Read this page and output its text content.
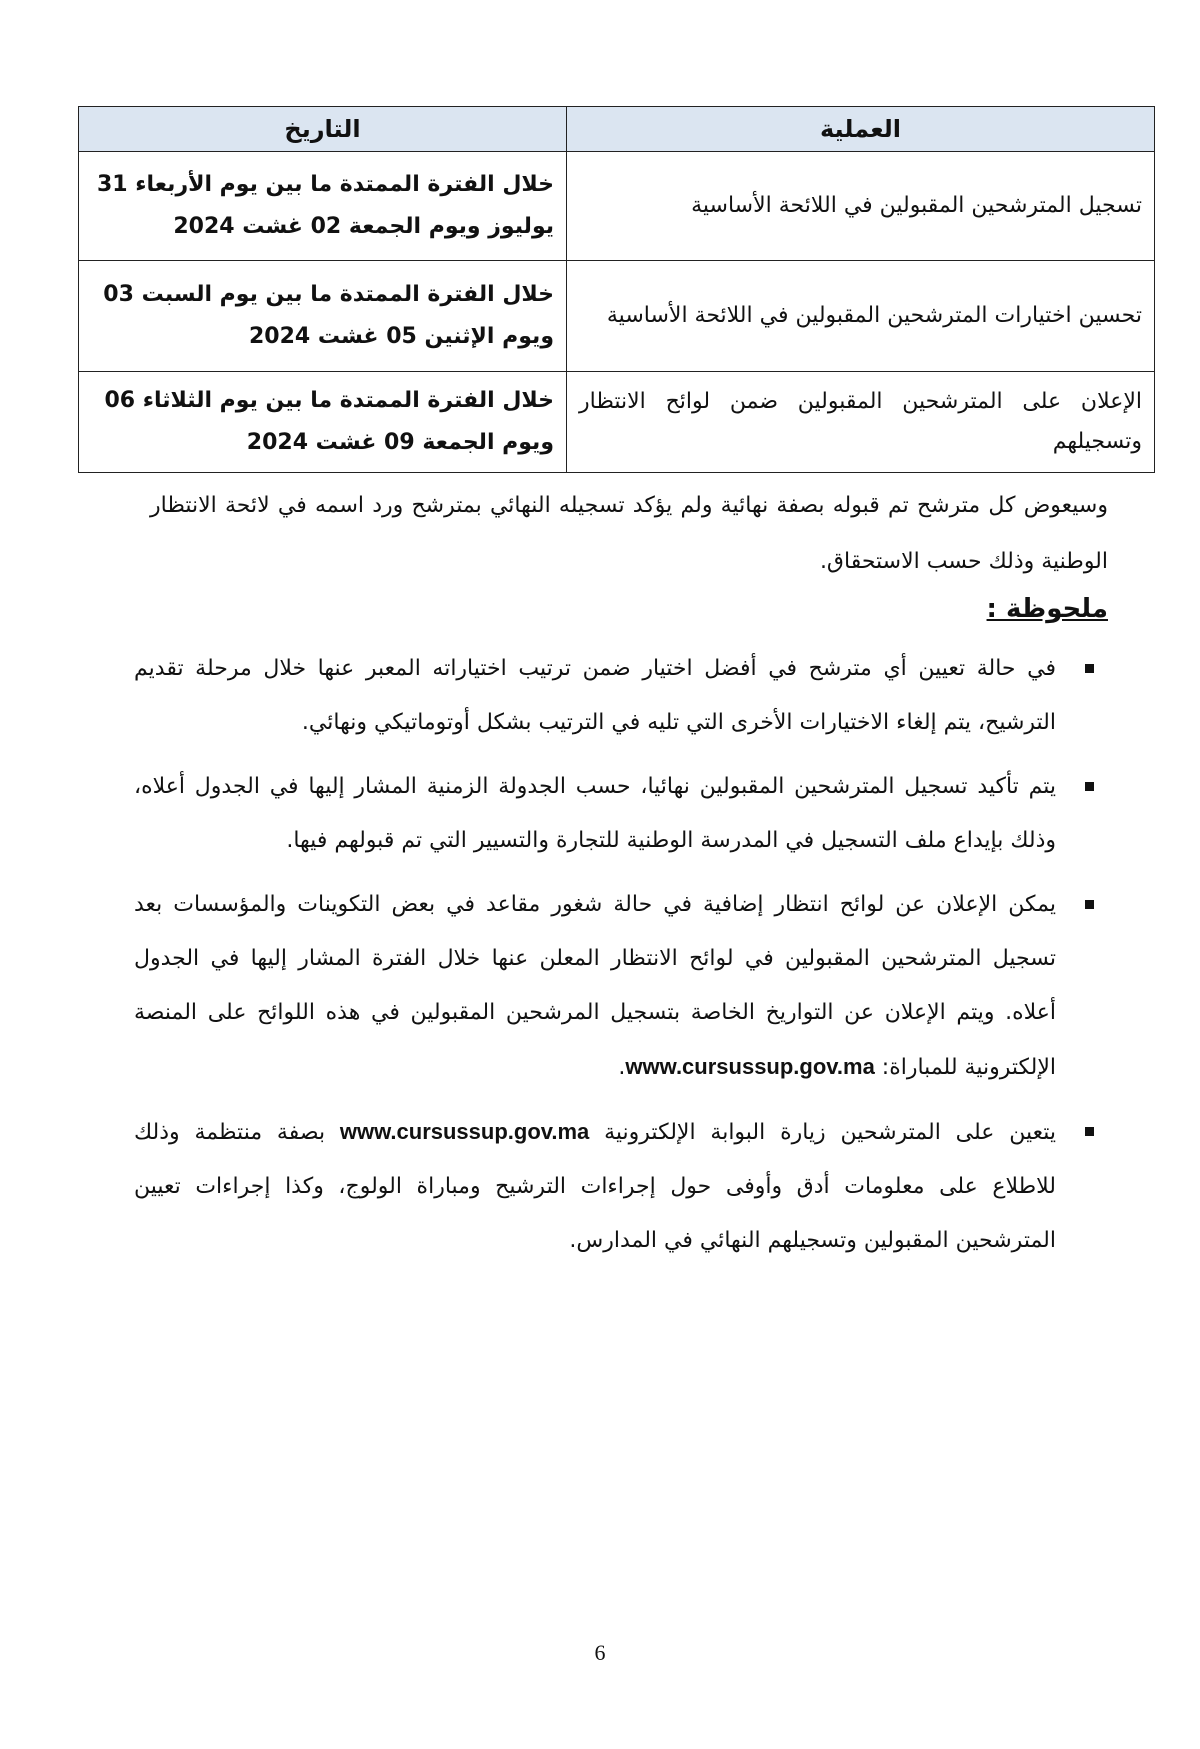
العملية	التاريخ
تسجيل المترشحين المقبولين في اللائحة الأساسية	خلال الفترة الممتدة ما بين يوم الأربعاء 31 يوليوز ويوم الجمعة 02 غشت 2024
تحسين اختيارات المترشحين المقبولين في اللائحة الأساسية	خلال الفترة الممتدة ما بين يوم السبت 03 ويوم الإثنين 05 غشت 2024
الإعلان على المترشحين المقبولين ضمن لوائح الانتظار وتسجيلهم	خلال الفترة الممتدة ما بين يوم الثلاثاء 06 ويوم الجمعة 09 غشت 2024

وسيعوض كل مترشح تم قبوله بصفة نهائية ولم يؤكد تسجيله النهائي بمترشح ورد اسمه في لائحة الانتظار الوطنية وذلك حسب الاستحقاق.

ملحوظة :
في حالة تعيين أي مترشح في أفضل اختيار ضمن ترتيب اختياراته المعبر عنها خلال مرحلة تقديم الترشيح، يتم إلغاء الاختيارات الأخرى التي تليه في الترتيب بشكل أوتوماتيكي ونهائي.
يتم تأكيد تسجيل المترشحين المقبولين نهائيا، حسب الجدولة الزمنية المشار إليها في الجدول أعلاه، وذلك بإيداع ملف التسجيل في المدرسة الوطنية للتجارة والتسيير التي تم قبولهم فيها.
يمكن الإعلان عن لوائح انتظار إضافية في حالة شغور مقاعد في بعض التكوينات والمؤسسات بعد تسجيل المترشحين المقبولين في لوائح الانتظار المعلن عنها خلال الفترة المشار إليها في الجدول أعلاه. ويتم الإعلان عن التواريخ الخاصة بتسجيل المرشحين المقبولين في هذه اللوائح على المنصة الإلكترونية للمباراة: www.cursussup.gov.ma.
يتعين على المترشحين زيارة البوابة الإلكترونية www.cursussup.gov.ma بصفة منتظمة وذلك للاطلاع على معلومات أدق وأوفى حول إجراءات الترشيح ومباراة الولوج، وكذا إجراءات تعيين المترشحين المقبولين وتسجيلهم النهائي في المدارس.
6
